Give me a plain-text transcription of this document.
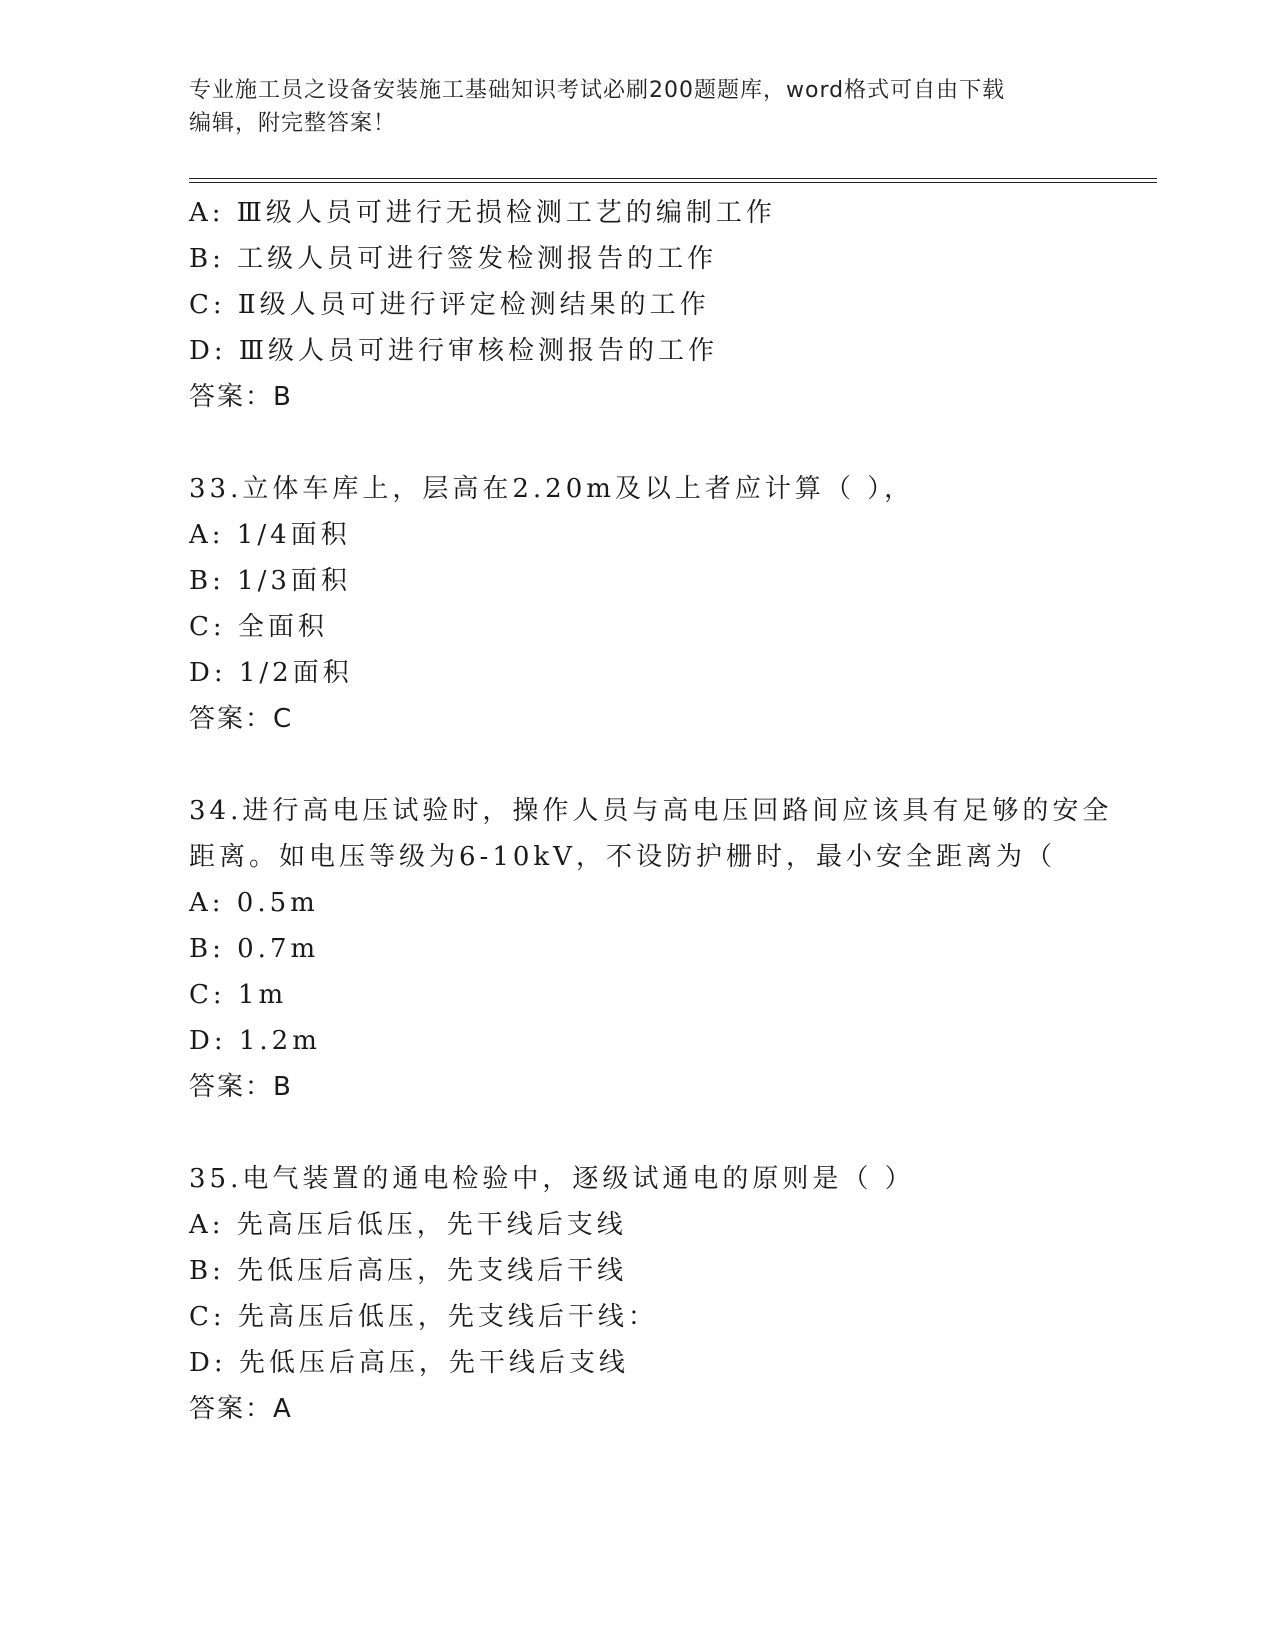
专业施工员之设备安装施工基础知识考试必刷200题题库，word格式可自由下载
编辑，附完整答案！
A: Ⅲ级人员可进行无损检测工艺的编制工作
B: 工级人员可进行签发检测报告的工作
C: Ⅱ级人员可进行评定检测结果的工作
D: Ⅲ级人员可进行审核检测报告的工作
答案：B
33.立体车库上，层高在2.20m及以上者应计算（ ），
A: 1/4面积
B: 1/3面积
C: 全面积
D: 1/2面积
答案：C
34.进行高电压试验时，操作人员与高电压回路间应该具有足够的安全
距离。如电压等级为6-10kV，不设防护栅时，最小安全距离为（
A: 0.5m
B: 0.7m
C: 1m
D: 1.2m
答案：B
35.电气装置的通电检验中，逐级试通电的原则是（ ）
A: 先高压后低压，先干线后支线
B: 先低压后高压，先支线后干线
C: 先高压后低压，先支线后干线：
D: 先低压后高压，先干线后支线
答案：A
